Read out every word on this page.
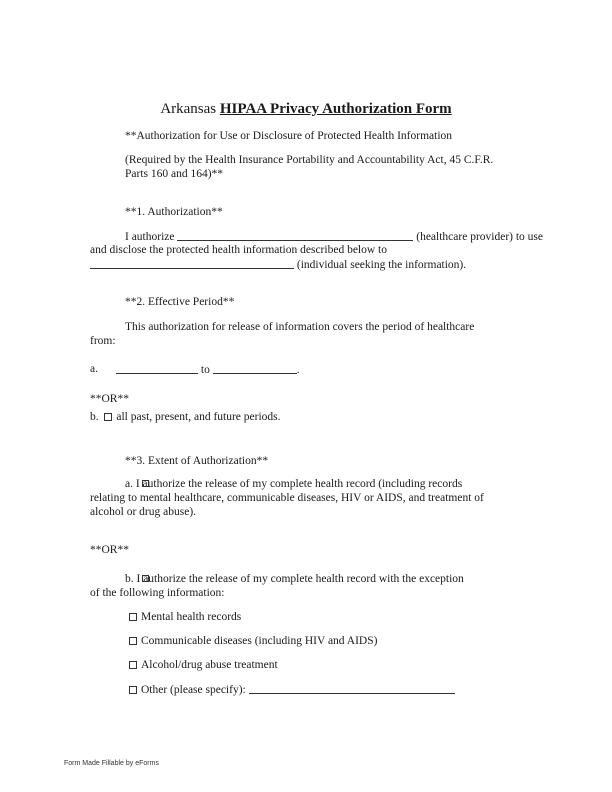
Arkansas HIPAA Privacy Authorization Form
**Authorization for Use or Disclosure of Protected Health Information
(Required by the Health Insurance Portability and Accountability Act, 45 C.F.R.
Parts 160 and 164)**
**1. Authorization**
I authorize	(healthcare provider) to use
and disclose the protected health information described below to
(individual seeking the information).
**2. Effective Period**
This authorization for release of information covers the period of healthcare
from:
a.	to	.
**OR**
b. all past, present, and future periods.
**3. Extent of Authorization**
a. I authorize the release of my complete health record (including records
relating to mental healthcare, communicable diseases, HIV or AIDS, and treatment of
alcohol or drug abuse).
**OR**
b. I authorize the release of my complete health record with the exception
of the following information:
Mental health records
Communicable diseases (including HIV and AIDS)
Alcohol/drug abuse treatment
Other (please specify):
Form Made Fillable by eForms
